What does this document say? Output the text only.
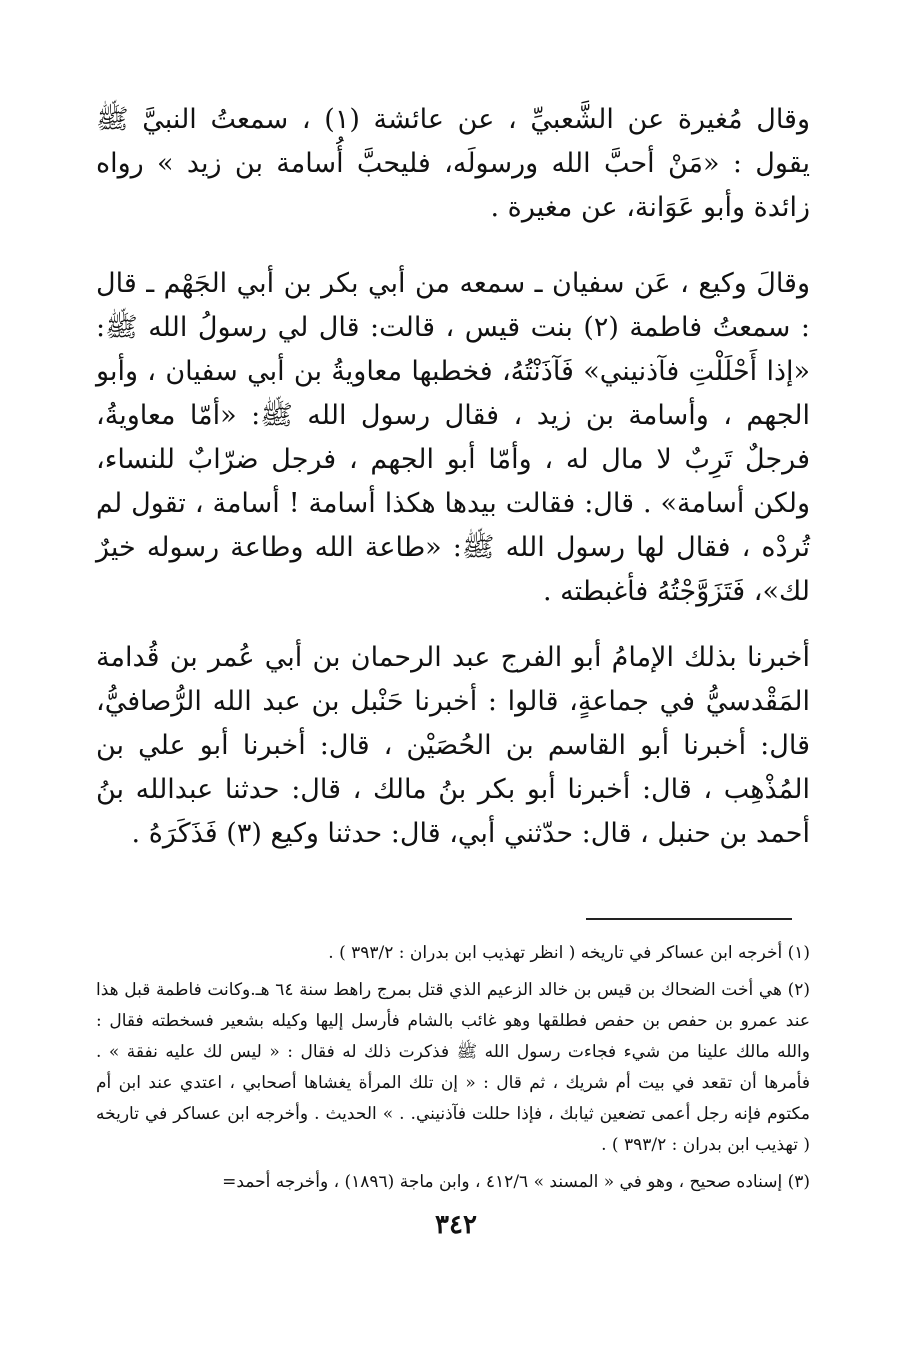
وقال مُغيرة عن الشَّعبيِّ ، عن عائشة (١) ، سمعتُ النبيَّ ﷺ يقول : «مَنْ أحبَّ الله ورسولَه، فليحبَّ أُسامة بن زيد » رواه زائدة وأبو عَوَانة، عن مغيرة .

وقالَ وكيع ، عَن سفيان ـ سمعه من أبي بكر بن أبي الجَهْم ـ قال : سمعتُ فاطمة (٢) بنت قيس ، قالت: قال لي رسولُ الله ﷺ: «إذا أَحْلَلْتِ فآذنيني» فَآذَنْتُهُ، فخطبها معاويةُ بن أبي سفيان ، وأبو الجهم ، وأسامة بن زيد ، فقال رسول الله ﷺ: «أمّا معاويةُ، فرجلٌ تَرِبٌ لا مال له ، وأمّا أبو الجهم ، فرجل ضرّابٌ للنساء، ولكن أسامة» . قال: فقالت بيدها هكذا أسامة ! أسامة ، تقول لم تُردْه ، فقال لها رسول الله ﷺ: «طاعة الله وطاعة رسوله خيرٌ لك»، فَتَزَوَّجْتُهُ فأغبطته .

أخبرنا بذلك الإمامُ أبو الفرج عبد الرحمان بن أبي عُمر بن قُدامة المَقْدسيُّ في جماعةٍ، قالوا : أخبرنا حَنْبل بن عبد الله الرُّصافيُّ، قال: أخبرنا أبو القاسم بن الحُصَيْن ، قال: أخبرنا أبو علي بن المُذْهِب ، قال: أخبرنا أبو بكر بنُ مالك ، قال: حدثنا عبدالله بنُ أحمد بن حنبل ، قال: حدّثني أبي، قال: حدثنا وكيع (٣) فَذَكَرَهُ .

(١) أخرجه ابن عساكر في تاريخه ( انظر تهذيب ابن بدران : ٣٩٣/٢ ) .

(٢) هي أخت الضحاك بن قيس بن خالد الزعيم الذي قتل بمرج راهط سنة ٦٤ هـ.وكانت فاطمة قبل هذا عند عمرو بن حفص بن حفص فطلقها وهو غائب بالشام فأرسل إليها وكيله بشعير فسخطته فقال : والله مالك علينا من شيء فجاءت رسول الله ﷺ فذكرت ذلك له فقال : « ليس لك عليه نفقة » . فأمرها أن تقعد في بيت أم شريك ، ثم قال : « إن تلك المرأة يغشاها أصحابي ، اعتدي عند ابن أم مكتوم فإنه رجل أعمى تضعين ثيابك ، فإذا حللت فآذنيني. . » الحديث . وأخرجه ابن عساكر في تاريخه ( تهذيب ابن بدران : ٣٩٣/٢ ) .

(٣) إسناده صحيح ، وهو في « المسند » ٤١٢/٦ ، وابن ماجة (١٨٩٦) ، وأخرجه أحمد=

٣٤٢
